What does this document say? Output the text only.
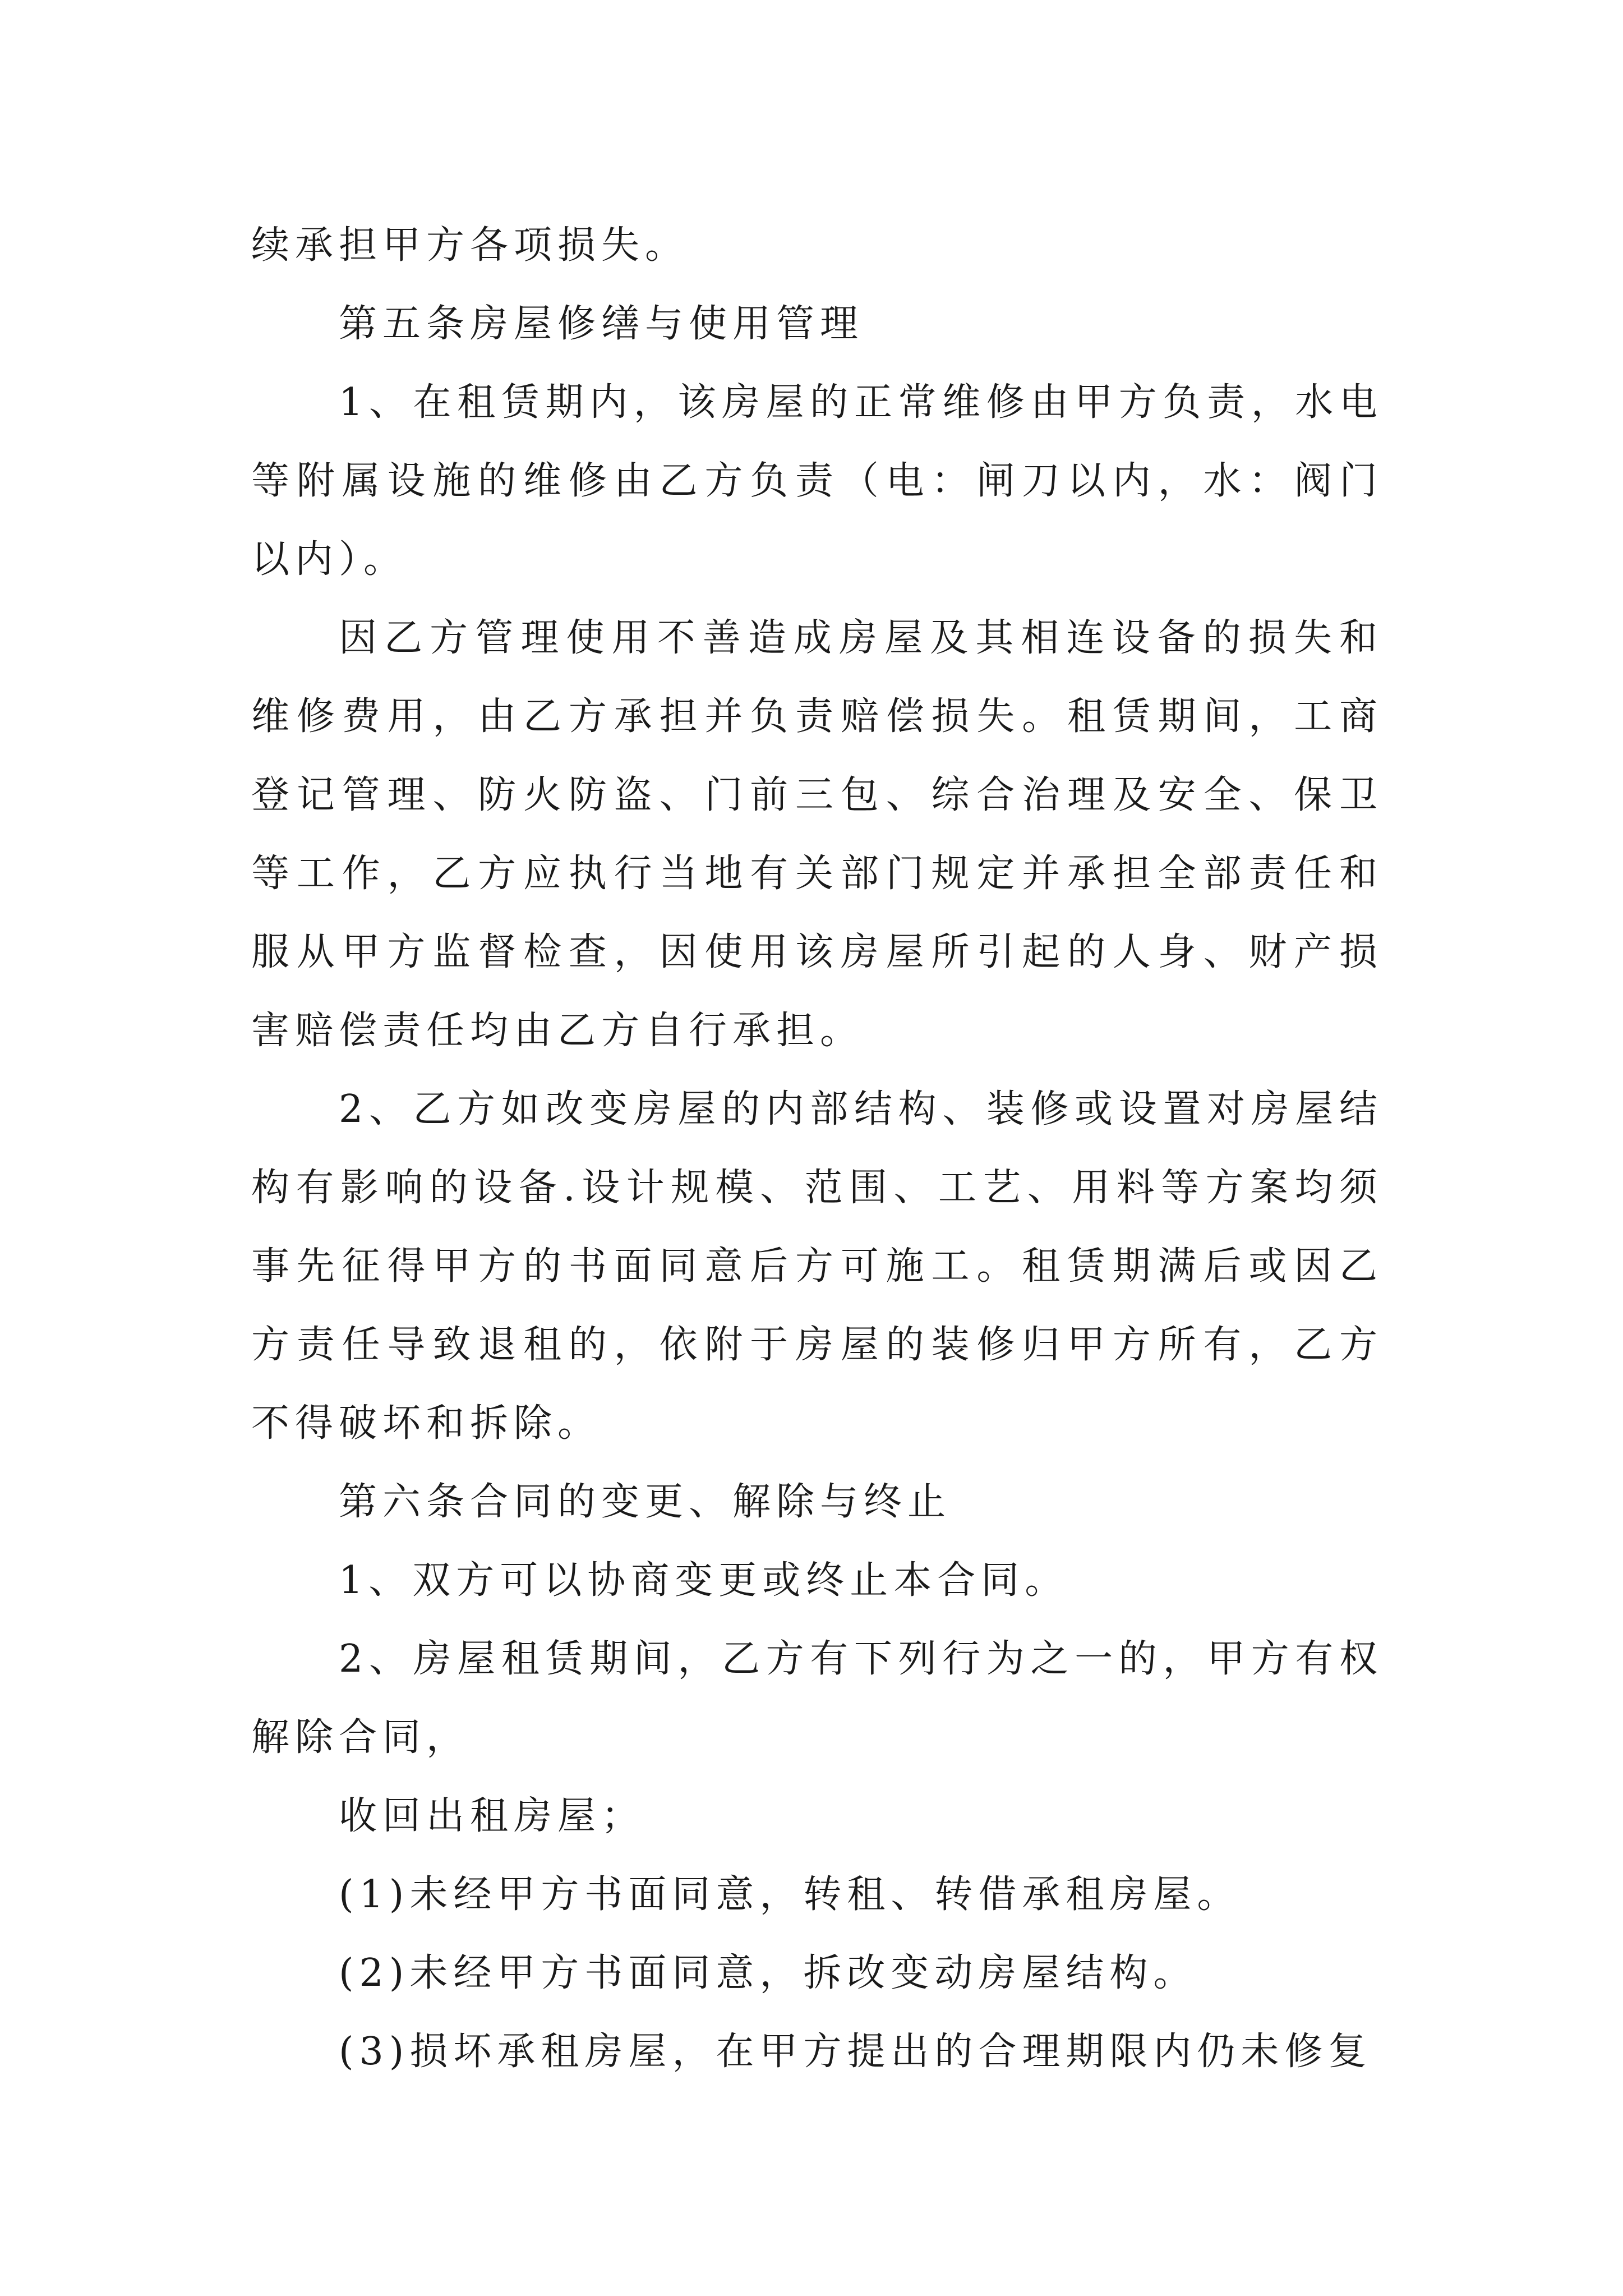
续承担甲方各项损失。

第五条房屋修缮与使用管理

1、在租赁期内，该房屋的正常维修由甲方负责，水电等附属设施的维修由乙方负责（电：闸刀以内，水：阀门以内）。

因乙方管理使用不善造成房屋及其相连设备的损失和维修费用，由乙方承担并负责赔偿损失。租赁期间，工商登记管理、防火防盗、门前三包、综合治理及安全、保卫等工作，乙方应执行当地有关部门规定并承担全部责任和服从甲方监督检查，因使用该房屋所引起的人身、财产损害赔偿责任均由乙方自行承担。

2、乙方如改变房屋的内部结构、装修或设置对房屋结构有影响的设备.设计规模、范围、工艺、用料等方案均须事先征得甲方的书面同意后方可施工。租赁期满后或因乙方责任导致退租的，依附于房屋的装修归甲方所有，乙方不得破坏和拆除。

第六条合同的变更、解除与终止

1、双方可以协商变更或终止本合同。

2、房屋租赁期间，乙方有下列行为之一的，甲方有权解除合同，

收回出租房屋；

(1)未经甲方书面同意，转租、转借承租房屋。

(2)未经甲方书面同意，拆改变动房屋结构。

(3)损坏承租房屋，在甲方提出的合理期限内仍未修复
